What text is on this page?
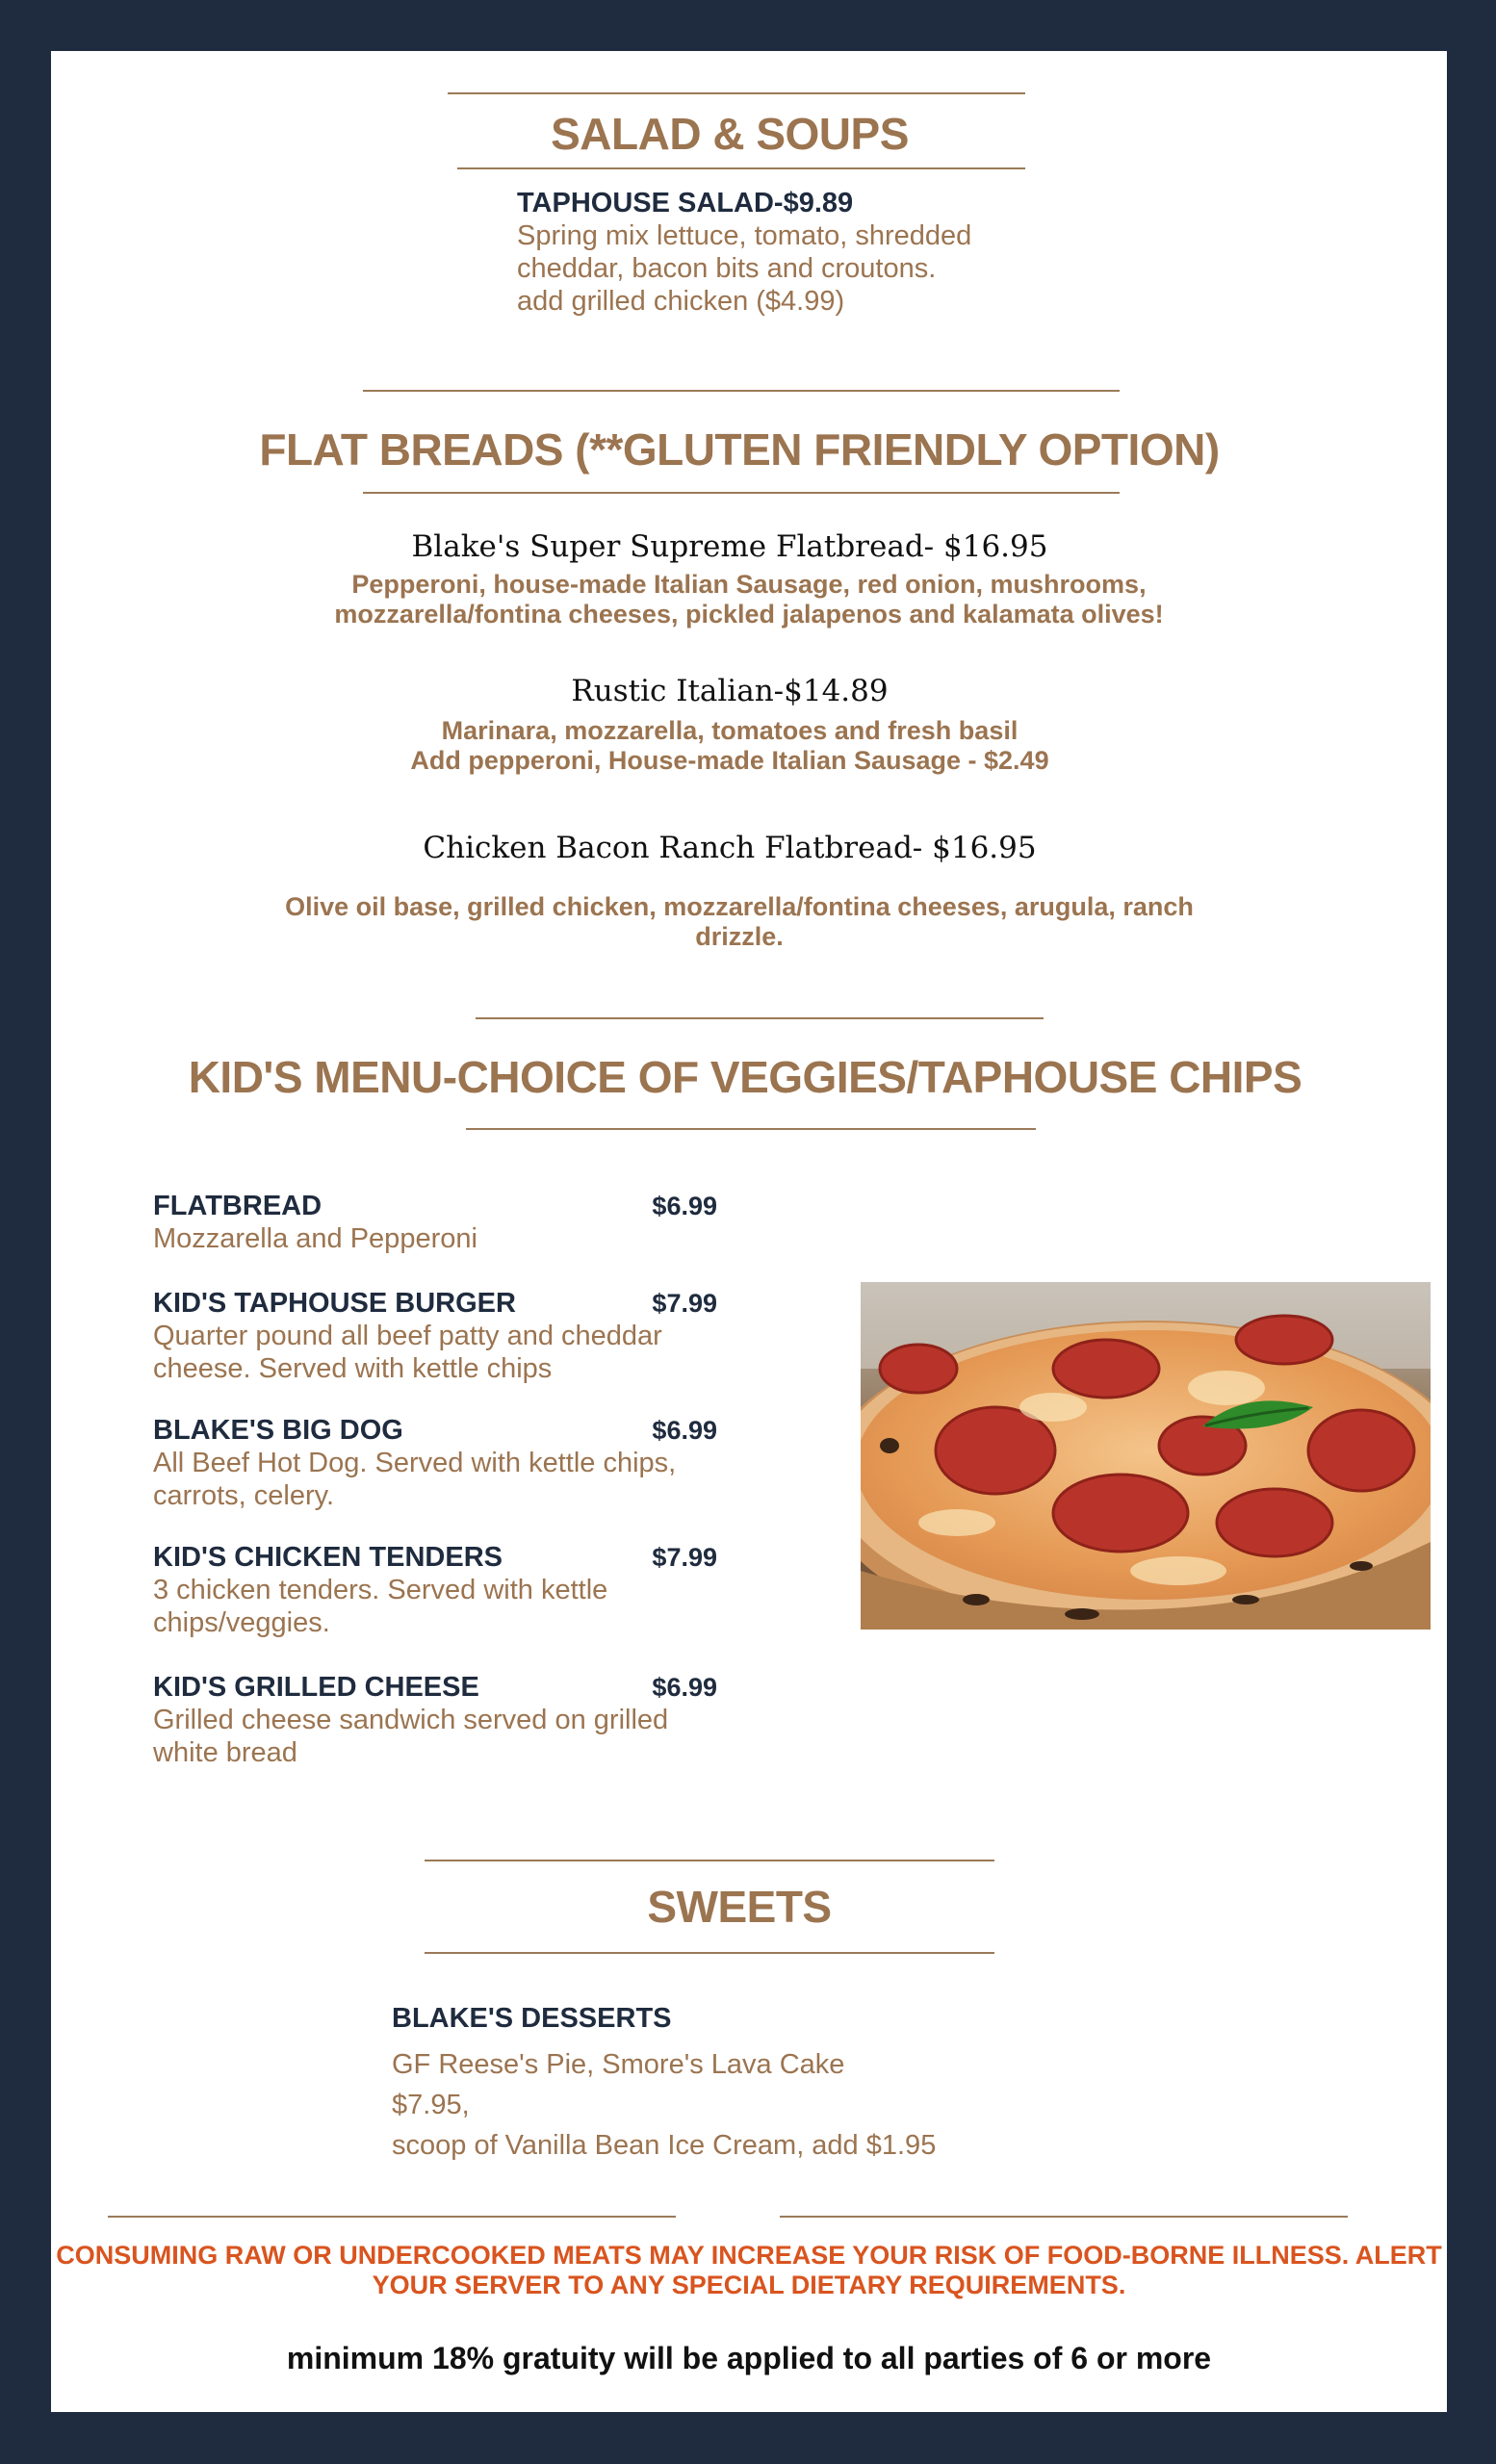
SALAD & SOUPS
TAPHOUSE SALAD-$9.89
Spring mix lettuce, tomato, shredded
cheddar, bacon bits and croutons.
add grilled chicken ($4.99)
FLAT BREADS (**GLUTEN FRIENDLY OPTION)
Blake's Super Supreme Flatbread- $16.95
Pepperoni, house-made Italian Sausage, red onion, mushrooms,
mozzarella/fontina cheeses, pickled jalapenos and kalamata olives!
Rustic Italian-$14.89
Marinara, mozzarella, tomatoes and fresh basil
Add pepperoni, House-made Italian Sausage - $2.49
Chicken Bacon Ranch Flatbread- $16.95
Olive oil base, grilled chicken, mozzarella/fontina cheeses, arugula, ranch
drizzle.
KID'S MENU-CHOICE OF VEGGIES/TAPHOUSE CHIPS
FLATBREAD	$6.99
Mozzarella and Pepperoni
KID'S TAPHOUSE BURGER	$7.99
Quarter pound all beef patty and cheddar
cheese. Served with kettle chips
BLAKE'S BIG DOG	$6.99
All Beef Hot Dog. Served with kettle chips,
carrots, celery.
KID'S CHICKEN TENDERS	$7.99
3 chicken tenders. Served with kettle
chips/veggies.
KID'S GRILLED CHEESE	$6.99
Grilled cheese sandwich served on grilled
white bread
SWEETS
BLAKE'S DESSERTS
GF Reese's Pie, Smore's Lava Cake
$7.95,
scoop of Vanilla Bean Ice Cream, add $1.95
CONSUMING RAW OR UNDERCOOKED MEATS MAY INCREASE YOUR RISK OF FOOD-BORNE ILLNESS. ALERT
YOUR SERVER TO ANY SPECIAL DIETARY REQUIREMENTS.
minimum 18% gratuity will be applied to all parties of 6 or more
